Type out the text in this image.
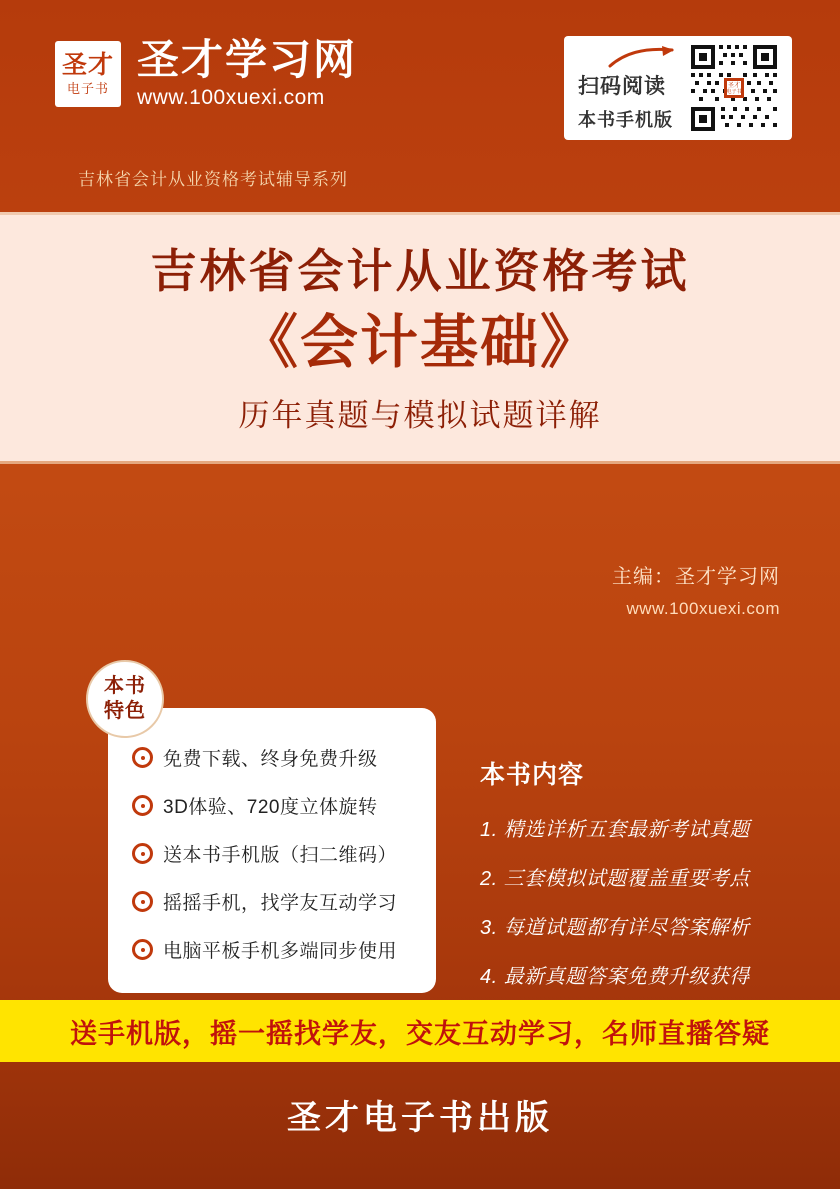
圣才
电子书
圣才学习网
www.100xuexi.com
吉林省会计从业资格考试辅导系列
扫码阅读
本书手机版
圣才
电子书
吉林省会计从业资格考试
《会计基础》
历年真题与模拟试题详解
主编：圣才学习网
www.100xuexi.com
本书
特色
免费下载、终身免费升级
3D体验、720度立体旋转
送本书手机版（扫二维码）
摇摇手机，找学友互动学习
电脑平板手机多端同步使用
本书内容
1. 精选详析五套最新考试真题
2. 三套模拟试题覆盖重要考点
3. 每道试题都有详尽答案解析
4. 最新真题答案免费升级获得
送手机版，摇一摇找学友，交友互动学习，名师直播答疑
圣才电子书出版
